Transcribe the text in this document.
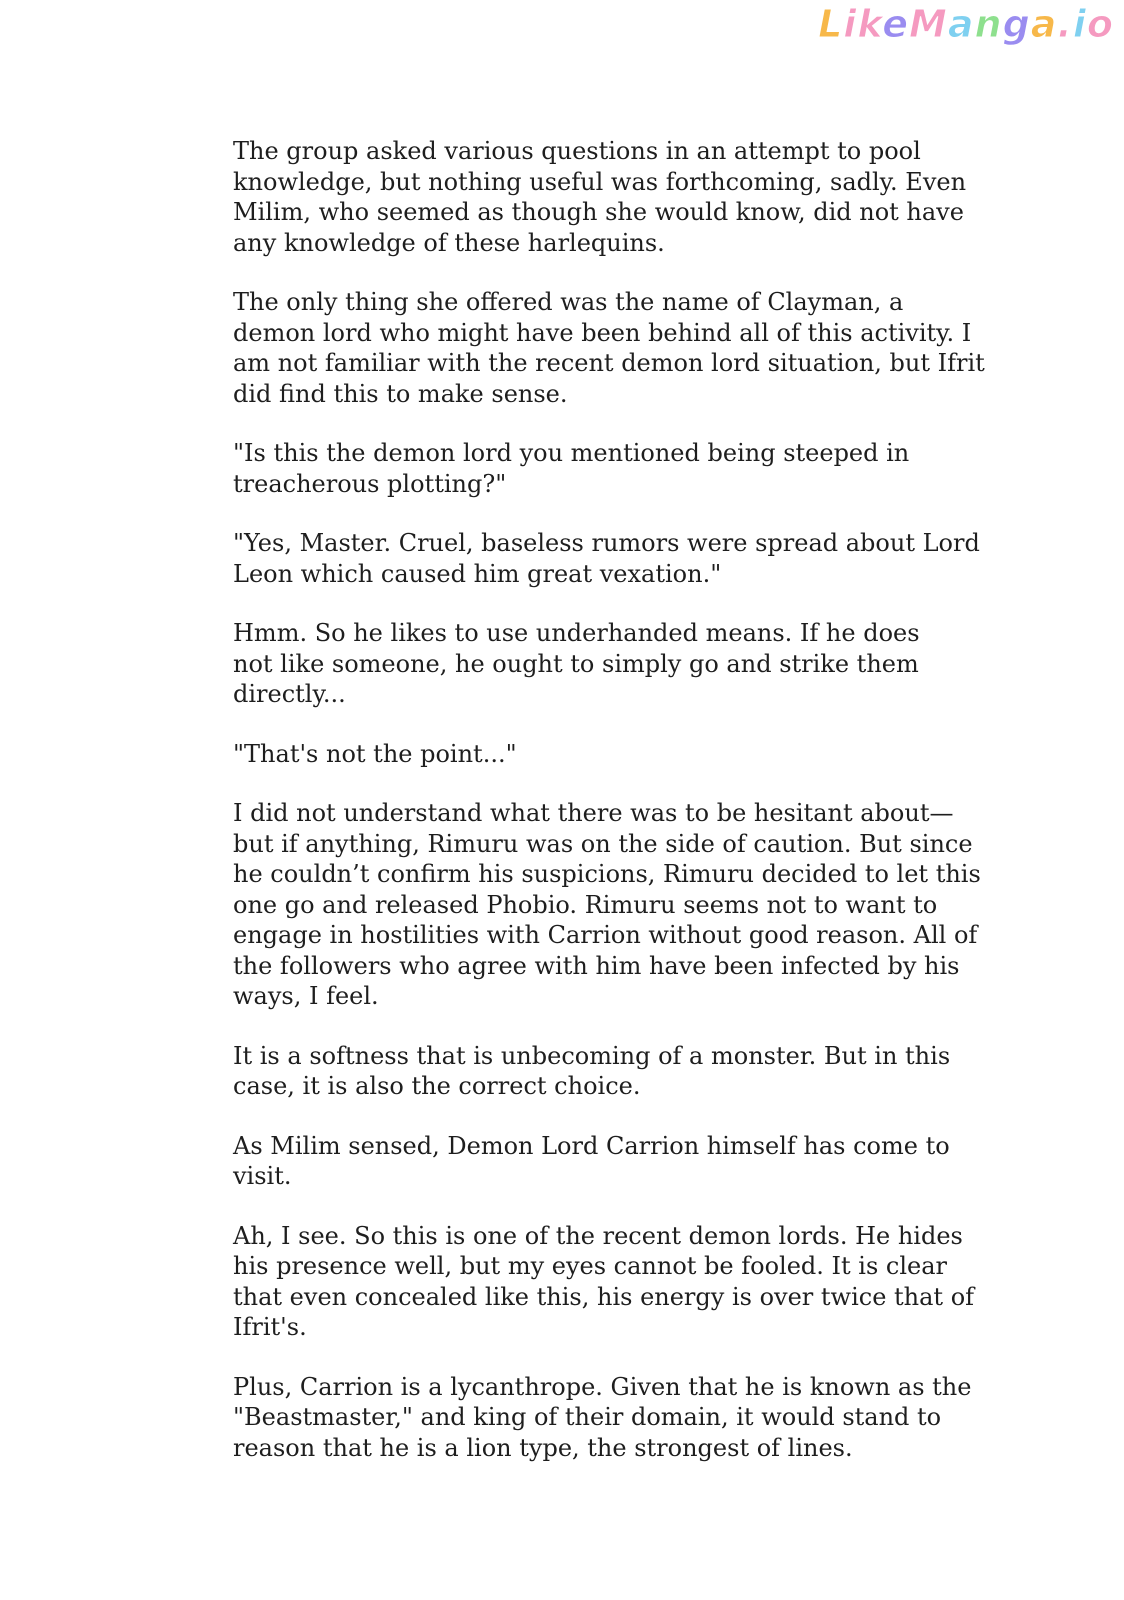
LikeManga.io

The group asked various questions in an attempt to pool
knowledge, but nothing useful was forthcoming, sadly. Even
Milim, who seemed as though she would know, did not have
any knowledge of these harlequins.

The only thing she offered was the name of Clayman, a
demon lord who might have been behind all of this activity. I
am not familiar with the recent demon lord situation, but Ifrit
did find this to make sense.

"Is this the demon lord you mentioned being steeped in
treacherous plotting?"

"Yes, Master. Cruel, baseless rumors were spread about Lord
Leon which caused him great vexation."

Hmm. So he likes to use underhanded means. If he does
not like someone, he ought to simply go and strike them
directly...

"That's not the point..."

I did not understand what there was to be hesitant about—
but if anything, Rimuru was on the side of caution. But since
he couldn’t confirm his suspicions, Rimuru decided to let this
one go and released Phobio. Rimuru seems not to want to
engage in hostilities with Carrion without good reason. All of
the followers who agree with him have been infected by his
ways, I feel.

It is a softness that is unbecoming of a monster. But in this
case, it is also the correct choice.

As Milim sensed, Demon Lord Carrion himself has come to
visit.

Ah, I see. So this is one of the recent demon lords. He hides
his presence well, but my eyes cannot be fooled. It is clear
that even concealed like this, his energy is over twice that of
Ifrit's.

Plus, Carrion is a lycanthrope. Given that he is known as the
"Beastmaster," and king of their domain, it would stand to
reason that he is a lion type, the strongest of lines.
